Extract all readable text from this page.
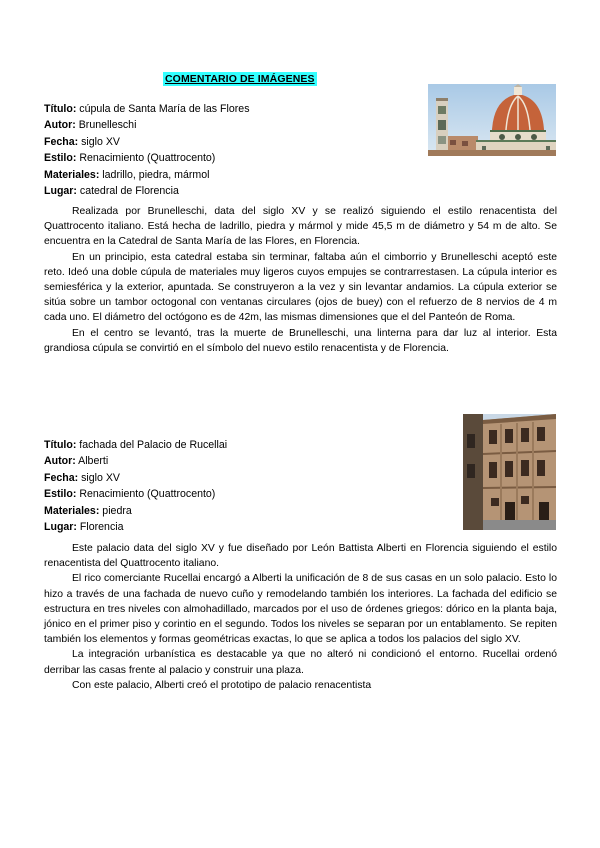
COMENTARIO DE IMÁGENES
Título: cúpula de Santa María de las Flores
Autor: Brunelleschi
Fecha: siglo XV
Estilo: Renacimiento (Quattrocento)
Materiales: ladrillo, piedra, mármol
Lugar: catedral de Florencia

Realizada por Brunelleschi, data del siglo XV y se realizó siguiendo el estilo renacentista del Quattrocento italiano. Está hecha de ladrillo, piedra y mármol y mide 45,5 m de diámetro y 54 m de alto. Se encuentra en la Catedral de Santa María de las Flores, en Florencia.

En un principio, esta catedral estaba sin terminar, faltaba aún el cimborrio y Brunelleschi aceptó este reto. Ideó una doble cúpula de materiales muy ligeros cuyos empujes se contrarrestasen. La cúpula interior es semiesférica y la exterior, apuntada. Se construyeron a la vez y sin levantar andamios. La cúpula exterior se sitúa sobre un tambor octogonal con ventanas circulares (ojos de buey) con el refuerzo de 8 nervios de 4 m cada uno. El diámetro del octógono es de 42m, las mismas dimensiones que el del Panteón de Roma.

En el centro se levantó, tras la muerte de Brunelleschi, una linterna para dar luz al interior. Esta grandiosa cúpula se convirtió en el símbolo del nuevo estilo renacentista y de Florencia.

Título: fachada del Palacio de Rucellai
Autor: Alberti
Fecha: siglo XV
Estilo: Renacimiento (Quattrocento)
Materiales: piedra
Lugar: Florencia

Este palacio data del siglo XV y fue diseñado por León Battista Alberti en Florencia siguiendo el estilo renacentista del Quattrocento italiano.

El rico comerciante Rucellai encargó a Alberti la unificación de 8 de sus casas en un solo palacio. Esto lo hizo a través de una fachada de nuevo cuño y remodelando también los interiores. La fachada del edificio se estructura en tres niveles con almohadillado, marcados por el uso de órdenes griegos: dórico en la planta baja, jónico en el primer piso y corintio en el segundo. Todos los niveles se separan por un entablamento. Se repiten también los elementos y formas geométricas exactas, lo que se aplica a todos los palacios del siglo XV.

La integración urbanística es destacable ya que no alteró ni condicionó el entorno. Rucellai ordenó derribar las casas frente al palacio y construir una plaza.

Con este palacio, Alberti creó el prototipo de palacio renacentista
